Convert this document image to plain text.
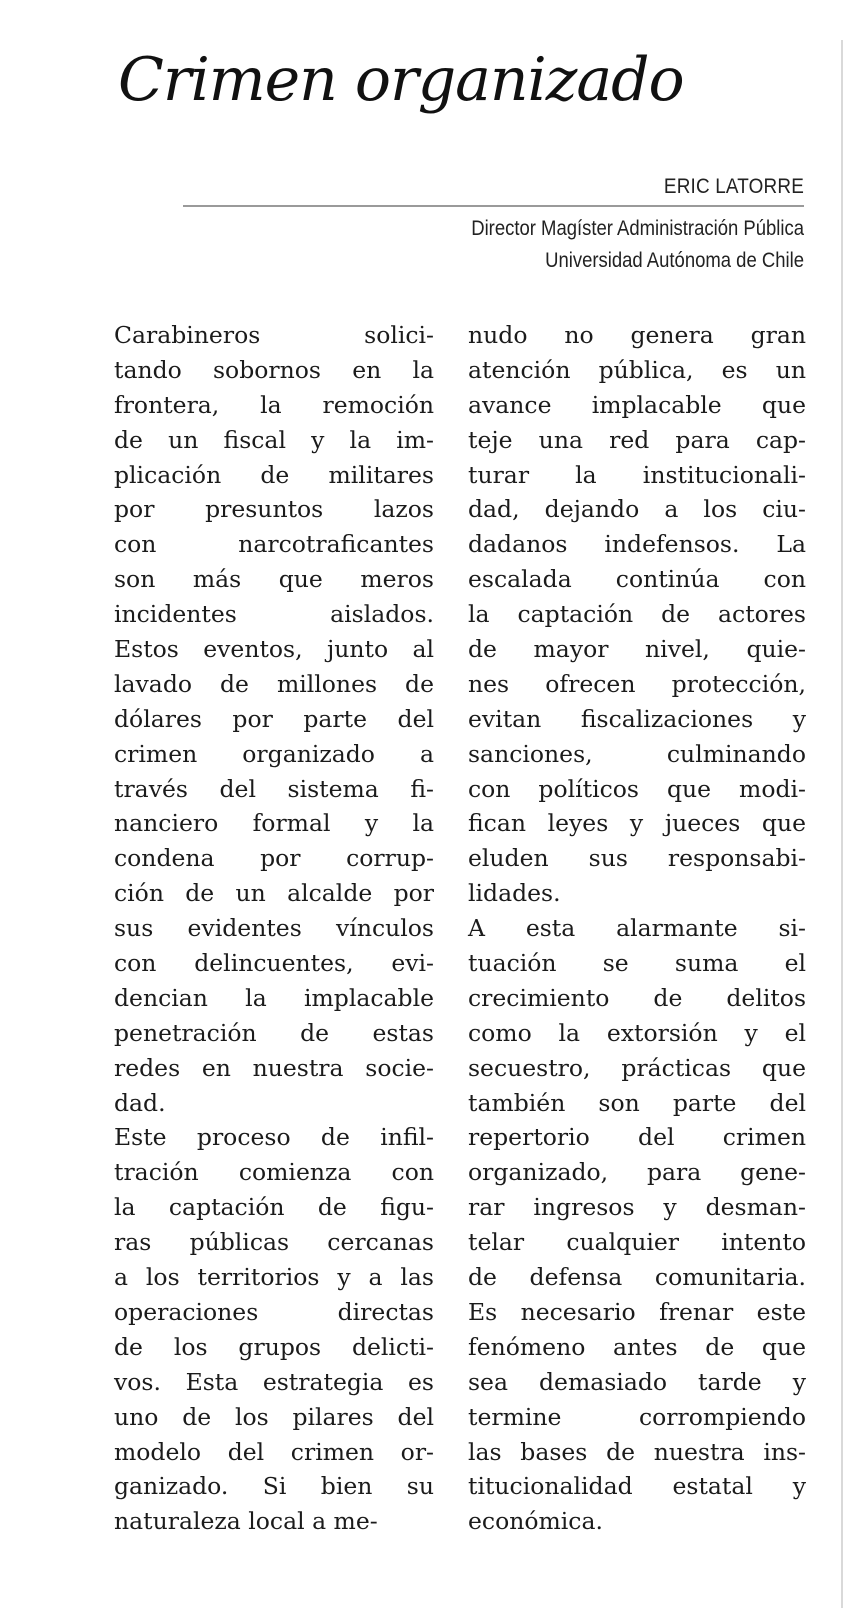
Crimen organizado
ERIC LATORRE
Director Magíster Administración Pública
Universidad Autónoma de Chile
Carabineros solici-
tando sobornos en la
frontera, la remoción
de un fiscal y la im-
plicación de militares
por presuntos lazos
con narcotraficantes
son más que meros
incidentes aislados.
Estos eventos, junto al
lavado de millones de
dólares por parte del
crimen organizado a
través del sistema fi-
nanciero formal y la
condena por corrup-
ción de un alcalde por
sus evidentes vínculos
con delincuentes, evi-
dencian la implacable
penetración de estas
redes en nuestra socie-
dad.
Este proceso de infil-
tración comienza con
la captación de figu-
ras públicas cercanas
a los territorios y a las
operaciones directas
de los grupos delicti-
vos. Esta estrategia es
uno de los pilares del
modelo del crimen or-
ganizado. Si bien su
naturaleza local a me-
nudo no genera gran
atención pública, es un
avance implacable que
teje una red para cap-
turar la institucionali-
dad, dejando a los ciu-
dadanos indefensos. La
escalada continúa con
la captación de actores
de mayor nivel, quie-
nes ofrecen protección,
evitan fiscalizaciones y
sanciones, culminando
con políticos que modi-
fican leyes y jueces que
eluden sus responsabi-
lidades.
A esta alarmante si-
tuación se suma el
crecimiento de delitos
como la extorsión y el
secuestro, prácticas que
también son parte del
repertorio del crimen
organizado, para gene-
rar ingresos y desman-
telar cualquier intento
de defensa comunitaria.
Es necesario frenar este
fenómeno antes de que
sea demasiado tarde y
termine corrompiendo
las bases de nuestra ins-
titucionalidad estatal y
económica.
